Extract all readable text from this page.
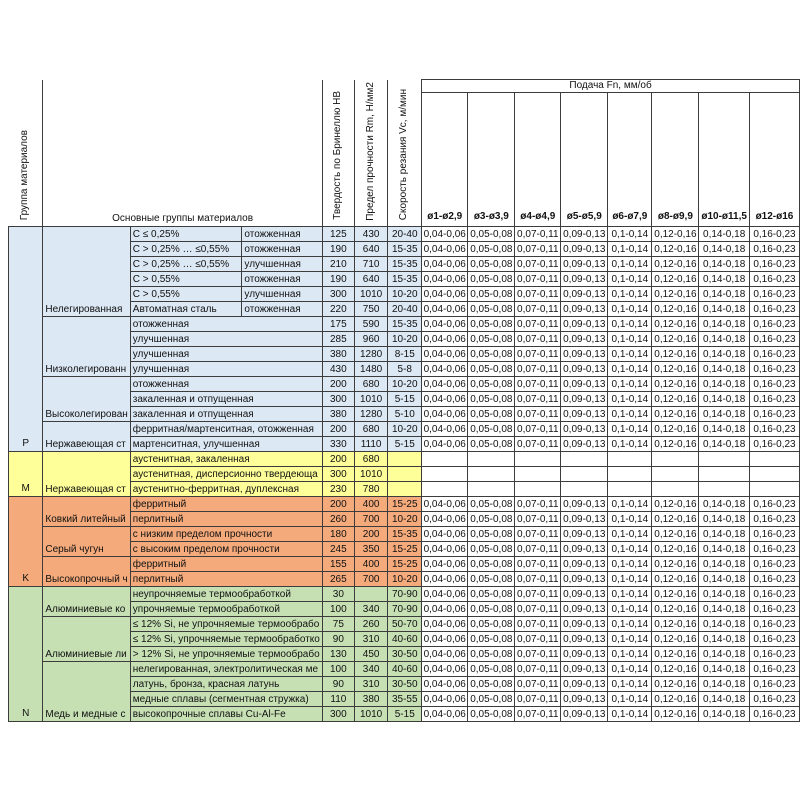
Группа материалов	Основные группы материалов			Твердость по Бринеллю HB	Предел прочности Rm, Н/мм2	Скорость резания Vc, м/мин	Подача Fn, мм/об							
							ø1-ø2,9	ø3-ø3,9	ø4-ø4,9	ø5-ø5,9	ø6-ø7,9	ø8-ø9,9	ø10-ø11,5	ø12-ø16
P	Нелегированная	C ≤ 0,25%	отожженная	125	430	20-40	0,04-0,06	0,05-0,08	0,07-0,11	0,09-0,13	0,1-0,14	0,12-0,16	0,14-0,18	0,16-0,23
		C > 0,25% … ≤0,55%	отожженная	190	640	15-35	0,04-0,06	0,05-0,08	0,07-0,11	0,09-0,13	0,1-0,14	0,12-0,16	0,14-0,18	0,16-0,23
		C > 0,25% … ≤0,55%	улучшенная	210	710	15-35	0,04-0,06	0,05-0,08	0,07-0,11	0,09-0,13	0,1-0,14	0,12-0,16	0,14-0,18	0,16-0,23
		C > 0,55%	отожженная	190	640	15-35	0,04-0,06	0,05-0,08	0,07-0,11	0,09-0,13	0,1-0,14	0,12-0,16	0,14-0,18	0,16-0,23
		C > 0,55%	улучшенная	300	1010	10-20	0,04-0,06	0,05-0,08	0,07-0,11	0,09-0,13	0,1-0,14	0,12-0,16	0,14-0,18	0,16-0,23
		Автоматная сталь	отожженная	220	750	20-40	0,04-0,06	0,05-0,08	0,07-0,11	0,09-0,13	0,1-0,14	0,12-0,16	0,14-0,18	0,16-0,23
	Низколегированн	отожженная		175	590	15-35	0,04-0,06	0,05-0,08	0,07-0,11	0,09-0,13	0,1-0,14	0,12-0,16	0,14-0,18	0,16-0,23
		улучшенная		285	960	10-20	0,04-0,06	0,05-0,08	0,07-0,11	0,09-0,13	0,1-0,14	0,12-0,16	0,14-0,18	0,16-0,23
		улучшенная		380	1280	8-15	0,04-0,06	0,05-0,08	0,07-0,11	0,09-0,13	0,1-0,14	0,12-0,16	0,14-0,18	0,16-0,23
		улучшенная		430	1480	5-8	0,04-0,06	0,05-0,08	0,07-0,11	0,09-0,13	0,1-0,14	0,12-0,16	0,14-0,18	0,16-0,23
	Высоколегирован	отожженная		200	680	10-20	0,04-0,06	0,05-0,08	0,07-0,11	0,09-0,13	0,1-0,14	0,12-0,16	0,14-0,18	0,16-0,23
		закаленная и отпущенная		300	1010	5-15	0,04-0,06	0,05-0,08	0,07-0,11	0,09-0,13	0,1-0,14	0,12-0,16	0,14-0,18	0,16-0,23
		закаленная и отпущенная		380	1280	5-10	0,04-0,06	0,05-0,08	0,07-0,11	0,09-0,13	0,1-0,14	0,12-0,16	0,14-0,18	0,16-0,23
	Нержавеющая ст	ферритная/мартенситная, отожженная		200	680	10-20	0,04-0,06	0,05-0,08	0,07-0,11	0,09-0,13	0,1-0,14	0,12-0,16	0,14-0,18	0,16-0,23
		мартенситная, улучшенная		330	1110	5-15	0,04-0,06	0,05-0,08	0,07-0,11	0,09-0,13	0,1-0,14	0,12-0,16	0,14-0,18	0,16-0,23
M	Нержавеющая ст	аустенитная, закаленная		200	680									
		аустенитная, дисперсионно твердеюща		300	1010									
		аустенитно-ферритная, дуплексная		230	780									
K	Ковкий литейный	ферритный		200	400	15-25	0,04-0,06	0,05-0,08	0,07-0,11	0,09-0,13	0,1-0,14	0,12-0,16	0,14-0,18	0,16-0,23
		перлитный		260	700	10-20	0,04-0,06	0,05-0,08	0,07-0,11	0,09-0,13	0,1-0,14	0,12-0,16	0,14-0,18	0,16-0,23
	Серый чугун	с низким пределом прочности		180	200	15-35	0,04-0,06	0,05-0,08	0,07-0,11	0,09-0,13	0,1-0,14	0,12-0,16	0,14-0,18	0,16-0,23
		с высоким пределом прочности		245	350	15-25	0,04-0,06	0,05-0,08	0,07-0,11	0,09-0,13	0,1-0,14	0,12-0,16	0,14-0,18	0,16-0,23
	Высокопрочный ч	ферритный		155	400	15-25	0,04-0,06	0,05-0,08	0,07-0,11	0,09-0,13	0,1-0,14	0,12-0,16	0,14-0,18	0,16-0,23
		перлитный		265	700	10-20	0,04-0,06	0,05-0,08	0,07-0,11	0,09-0,13	0,1-0,14	0,12-0,16	0,14-0,18	0,16-0,23
N	Алюминиевые ко	неупрочняемые термообработкой		30		70-90	0,04-0,06	0,05-0,08	0,07-0,11	0,09-0,13	0,1-0,14	0,12-0,16	0,14-0,18	0,16-0,23
		упрочняемые термообработкой		100	340	70-90	0,04-0,06	0,05-0,08	0,07-0,11	0,09-0,13	0,1-0,14	0,12-0,16	0,14-0,18	0,16-0,23
	Алюминиевые ли	≤ 12% Si, не упрочняемые термообрабо		75	260	50-70	0,04-0,06	0,05-0,08	0,07-0,11	0,09-0,13	0,1-0,14	0,12-0,16	0,14-0,18	0,16-0,23
		≤ 12% Si, упрочняемые термообработко		90	310	40-60	0,04-0,06	0,05-0,08	0,07-0,11	0,09-0,13	0,1-0,14	0,12-0,16	0,14-0,18	0,16-0,23
		> 12% Si, не упрочняемые термообрабо		130	450	30-50	0,04-0,06	0,05-0,08	0,07-0,11	0,09-0,13	0,1-0,14	0,12-0,16	0,14-0,18	0,16-0,23
	Медь и медные с	нелегированная, электролитическая ме		100	340	40-60	0,04-0,06	0,05-0,08	0,07-0,11	0,09-0,13	0,1-0,14	0,12-0,16	0,14-0,18	0,16-0,23
		латунь, бронза, красная латунь		90	310	30-50	0,04-0,06	0,05-0,08	0,07-0,11	0,09-0,13	0,1-0,14	0,12-0,16	0,14-0,18	0,16-0,23
		медные сплавы (сегментная стружка)		110	380	35-55	0,04-0,06	0,05-0,08	0,07-0,11	0,09-0,13	0,1-0,14	0,12-0,16	0,14-0,18	0,16-0,23
		высокопрочные сплавы Cu-Al-Fe		300	1010	5-15	0,04-0,06	0,05-0,08	0,07-0,11	0,09-0,13	0,1-0,14	0,12-0,16	0,14-0,18	0,16-0,23
